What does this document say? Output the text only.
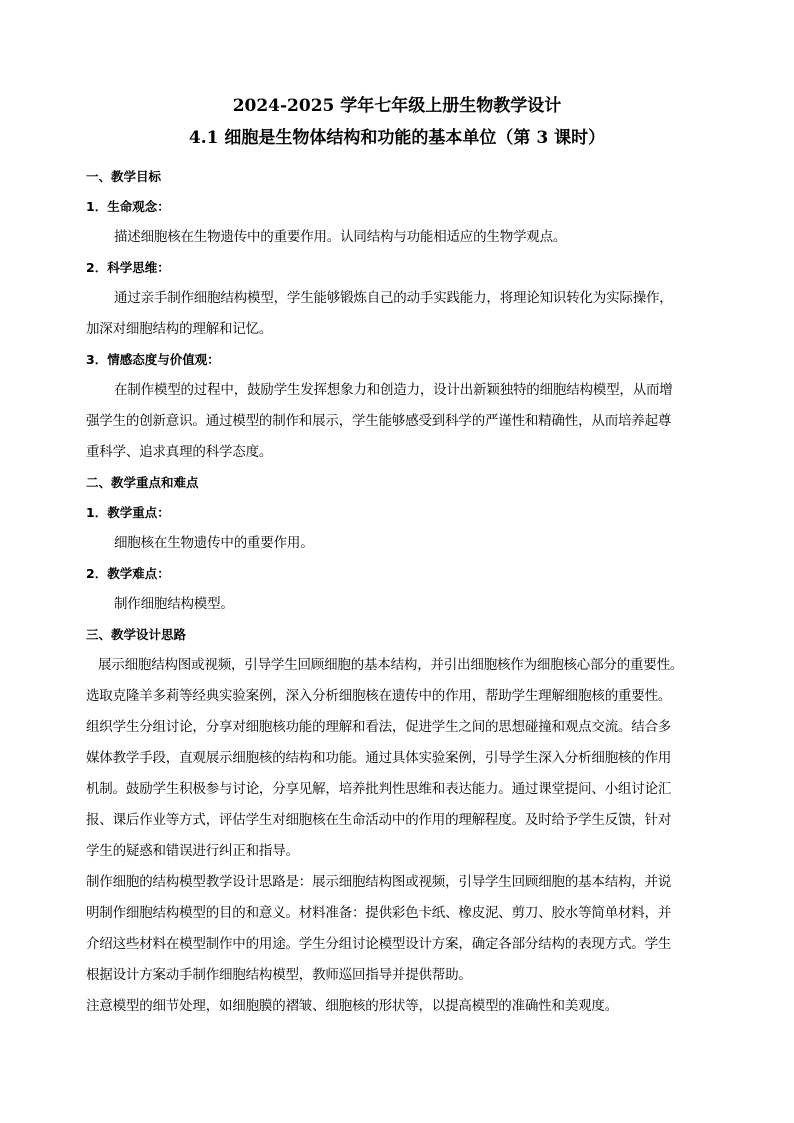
2024-2025 学年七年级上册生物教学设计
4.1 细胞是生物体结构和功能的基本单位（第 3 课时）
一、教学目标
1．生命观念：
描述细胞核在生物遗传中的重要作用。认同结构与功能相适应的生物学观点。
2．科学思维：
通过亲手制作细胞结构模型，学生能够锻炼自己的动手实践能力，将理论知识转化为实际操作，
加深对细胞结构的理解和记忆。
3．情感态度与价值观：
在制作模型的过程中，鼓励学生发挥想象力和创造力，设计出新颖独特的细胞结构模型，从而增
强学生的创新意识。通过模型的制作和展示，学生能够感受到科学的严谨性和精确性，从而培养起尊
重科学、追求真理的科学态度。
二、教学重点和难点
1．教学重点：
细胞核在生物遗传中的重要作用。
2．教学难点：
制作细胞结构模型。
三、教学设计思路
展示细胞结构图或视频，引导学生回顾细胞的基本结构，并引出细胞核作为细胞核心部分的重要性。
选取克隆羊多莉等经典实验案例，深入分析细胞核在遗传中的作用，帮助学生理解细胞核的重要性。
组织学生分组讨论，分享对细胞核功能的理解和看法，促进学生之间的思想碰撞和观点交流。结合多
媒体教学手段，直观展示细胞核的结构和功能。通过具体实验案例，引导学生深入分析细胞核的作用
机制。鼓励学生积极参与讨论，分享见解，培养批判性思维和表达能力。通过课堂提问、小组讨论汇
报、课后作业等方式，评估学生对细胞核在生命活动中的作用的理解程度。及时给予学生反馈，针对
学生的疑惑和错误进行纠正和指导。
制作细胞的结构模型教学设计思路是：展示细胞结构图或视频，引导学生回顾细胞的基本结构，并说
明制作细胞结构模型的目的和意义。材料准备：提供彩色卡纸、橡皮泥、剪刀、胶水等简单材料，并
介绍这些材料在模型制作中的用途。学生分组讨论模型设计方案，确定各部分结构的表现方式。学生
根据设计方案动手制作细胞结构模型，教师巡回指导并提供帮助。
注意模型的细节处理，如细胞膜的褶皱、细胞核的形状等，以提高模型的准确性和美观度。
